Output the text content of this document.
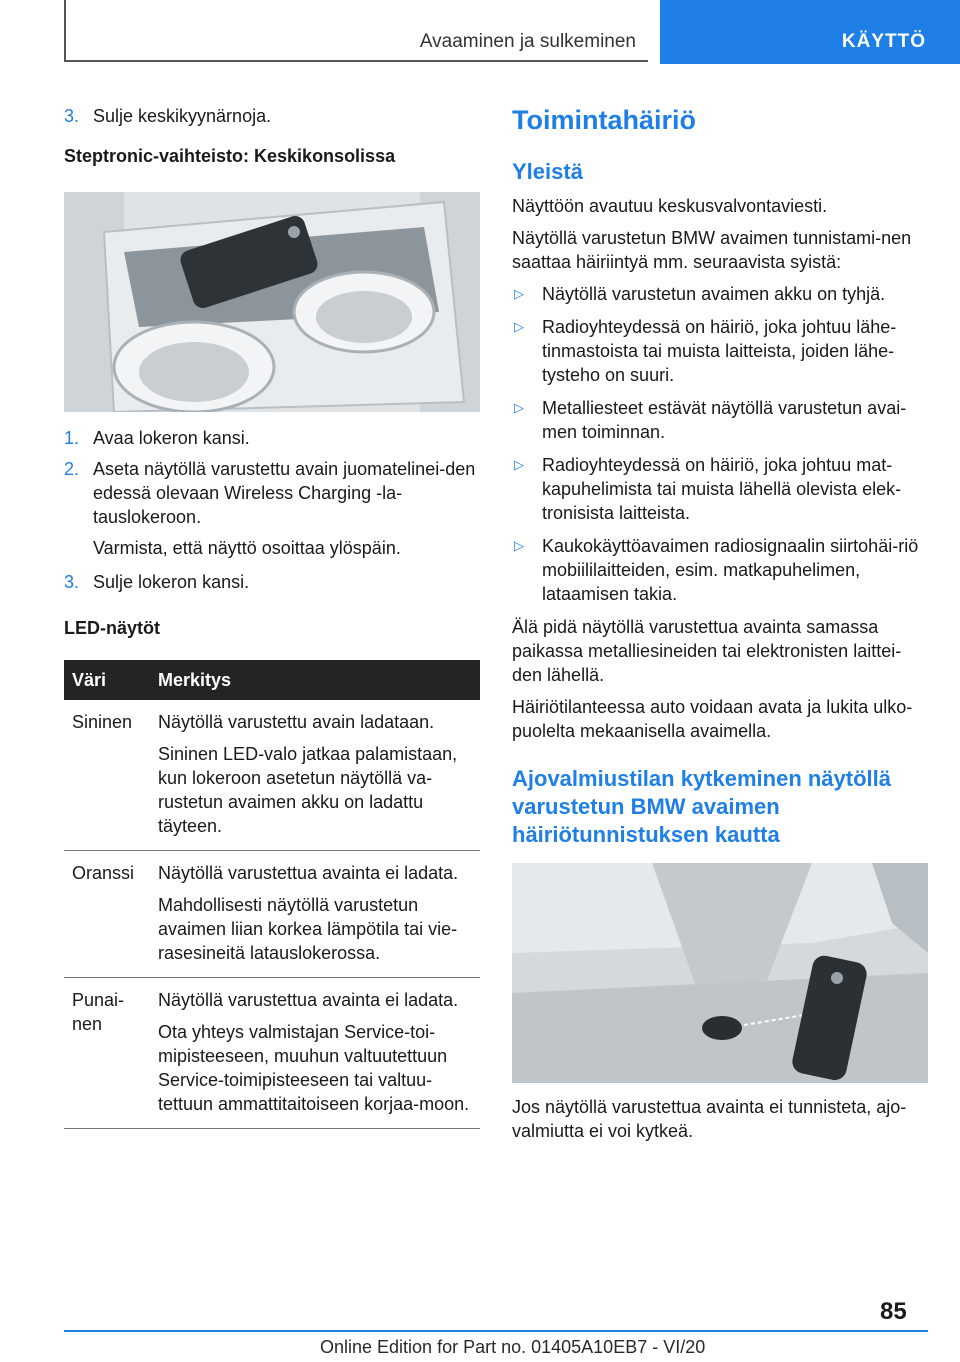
Avaaminen ja sulkeminen	KÄYTTÖ
3. Sulje keskikyynärnoja.
Steptronic-vaihteisto: Keskikonsolissa
1. Avaa lokeron kansi.
2. Aseta näytöllä varustettu avain juomatelinei-den edessä olevaan Wireless Charging -la-tauslokeroon.
Varmista, että näyttö osoittaa ylöspäin.
3. Sulje lokeron kansi.
LED-näytöt
Väri	Merkitys
Sininen	Näytöllä varustettu avain ladataan.

Sininen LED-valo jatkaa palamistaan, kun lokeroon asetetun näytöllä va-rustetun avaimen akku on ladattu täyteen.

Oranssi	Näytöllä varustettua avainta ei ladata.

Mahdollisesti näytöllä varustetun avaimen liian korkea lämpötila tai vie-rasesineitä latauslokerossa.

Punai-nen	Näytöllä varustettua avainta ei ladata.

Ota yhteys valmistajan Service-toi-mipisteeseen, muuhun valtuutettuun Service-toimipisteeseen tai valtuu-tettuun ammattitaitoiseen korjaa-moon.

Toimintahäiriö
Yleistä

Näyttöön avautuu keskusvalvontaviesti.

Näytöllä varustetun BMW avaimen tunnistami-nen saattaa häiriintyä mm. seuraavista syistä:

▷	Näytöllä varustetun avaimen akku on tyhjä.
▷	Radioyhteydessä on häiriö, joka johtuu lähe-tinmastoista tai muista laitteista, joiden lähe-tysteho on suuri.
▷	Metalliesteet estävät näytöllä varustetun avai-men toiminnan.
▷	Radioyhteydessä on häiriö, joka johtuu mat-kapuhelimista tai muista lähellä olevista elek-tronisista laitteista.
▷	Kaukokäyttöavaimen radiosignaalin siirtohäi-riö mobiililaitteiden, esim. matkapuhelimen, lataamisen takia.

Älä pidä näytöllä varustettua avainta samassa paikassa metalliesineiden tai elektronisten laittei-den lähellä.

Häiriötilanteessa auto voidaan avata ja lukita ulko-puolelta mekaanisella avaimella.

Ajovalmiustilan kytkeminen näytöllä varustetun BMW avaimen häiriötunnistuksen kautta

Jos näytöllä varustettua avainta ei tunnisteta, ajo-valmiutta ei voi kytkeä.

85
Online Edition for Part no. 01405A10EB7 - VI/20
